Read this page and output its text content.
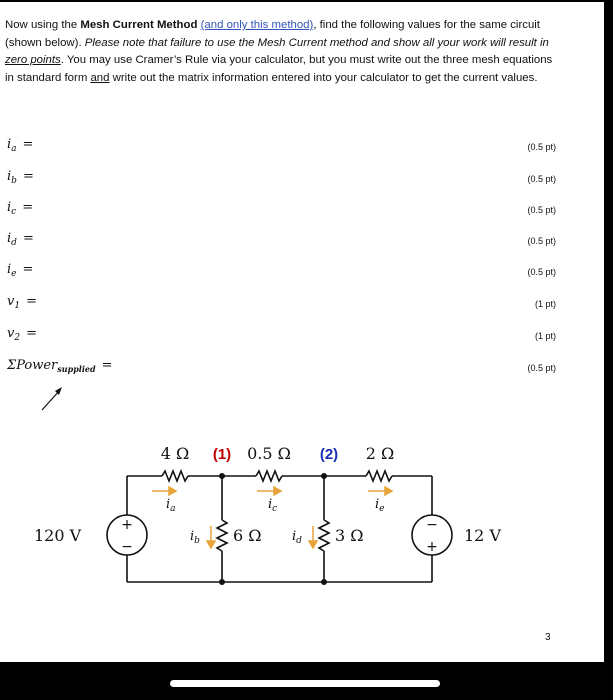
Now using the Mesh Current Method (and only this method), find the following values for the same circuit (shown below). Please note that failure to use the Mesh Current method and show all your work will result in zero points. You may use Cramer’s Rule via your calculator, but you must write out the three mesh equations in standard form and write out the matrix information entered into your calculator to get the current values.
$i_a$ =	(0.5 pt)
$i_b$ =	(0.5 pt)
$i_c$ =	(0.5 pt)
$i_d$ =	(0.5 pt)
$i_e$ =	(0.5 pt)
$v_1$ =	(1 pt)
$v_2$ =	(1 pt)
ΣPower$_{supplied}$ =	(0.5 pt)
+
−
−
+
4 Ω (1) 0.5 Ω (2) 2 Ω
6 Ω	3 Ω
120 V	12 V
$i_a$	$i_c$	$i_e$
$i_b$	$i_d$
3
